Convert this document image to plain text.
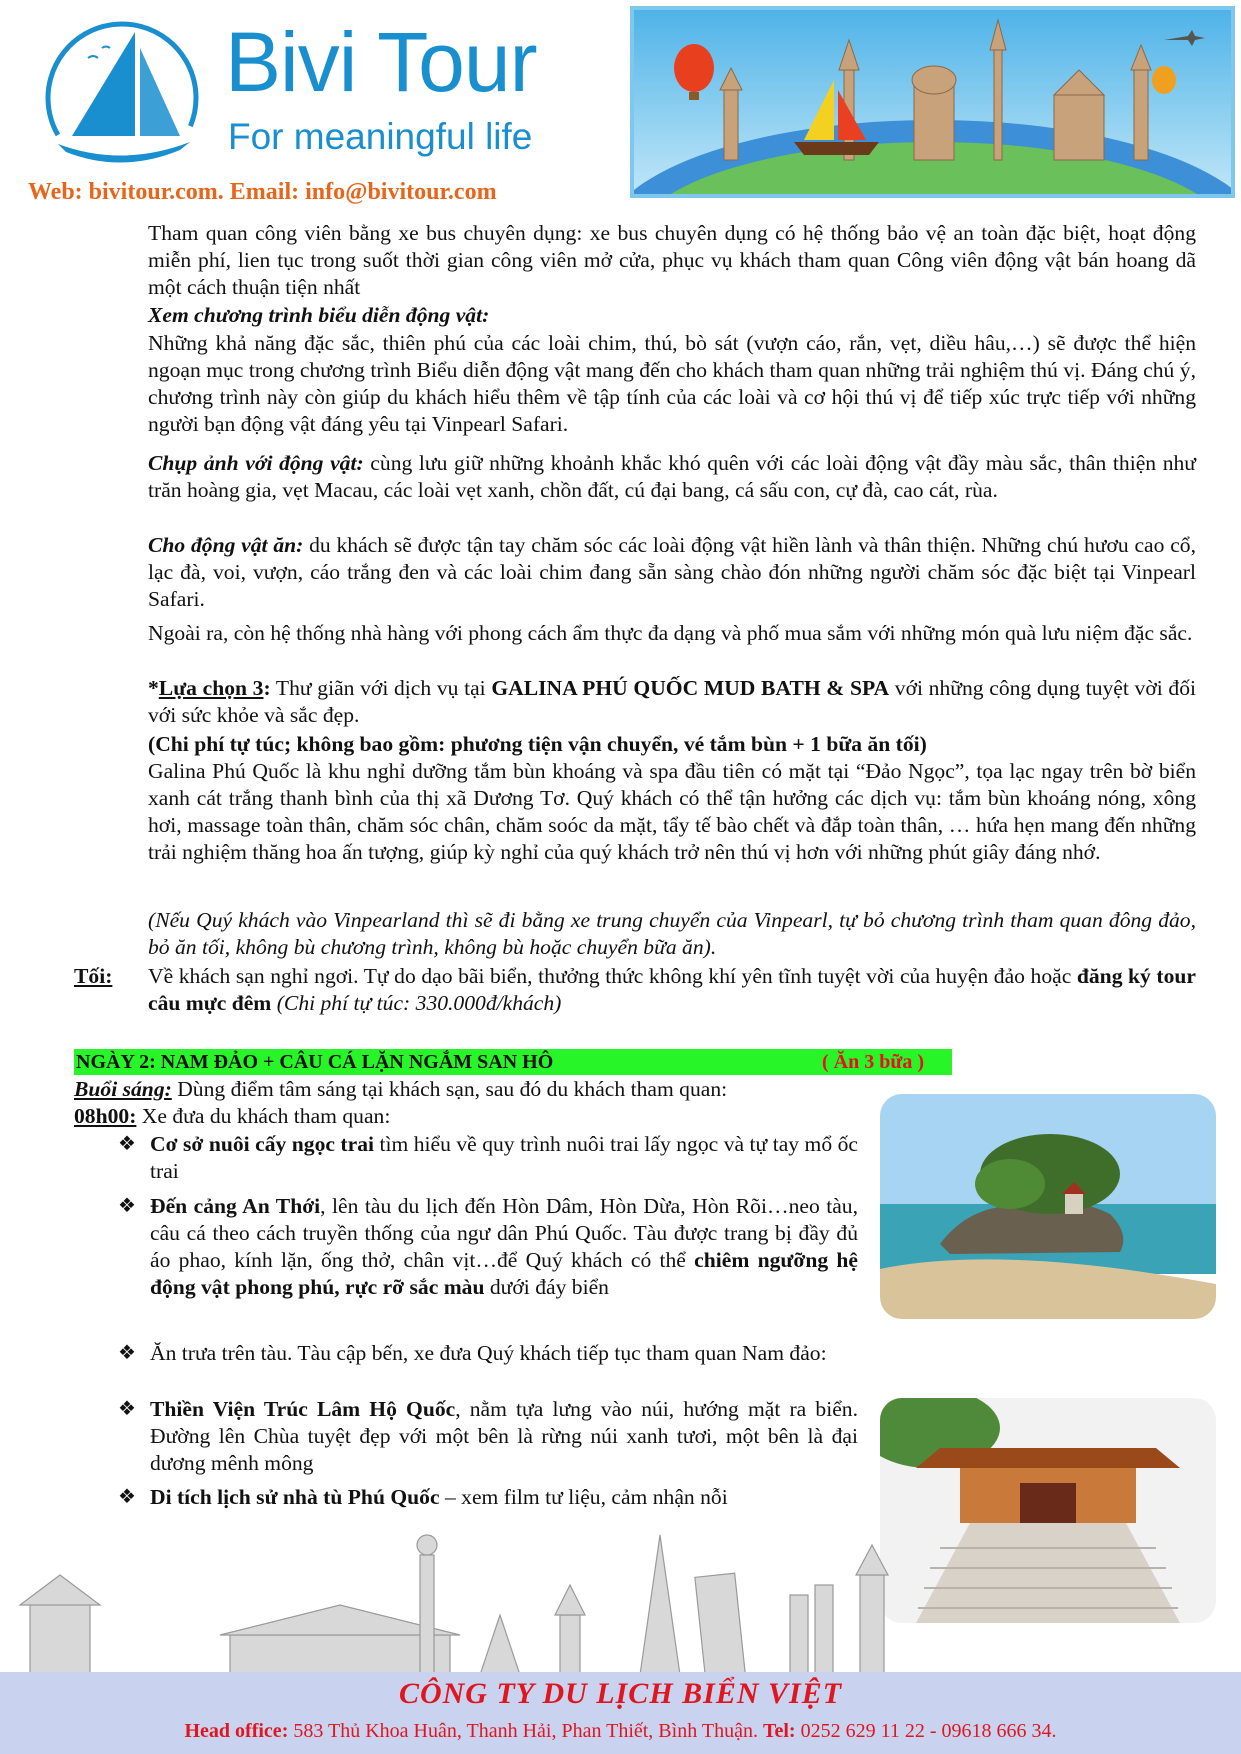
Bivi Tour
For meaningful life
Web: bivitour.com. Email: info@bivitour.com
Tham quan công viên bằng xe bus chuyên dụng: xe bus chuyên dụng có hệ thống bảo vệ an toàn đặc biệt, hoạt động miễn phí, lien tục trong suốt thời gian công viên mở cửa, phục vụ khách tham quan Công viên động vật bán hoang dã một cách thuận tiện nhất
Xem chương trình biểu diễn động vật:
Những khả năng đặc sắc, thiên phú của các loài chim, thú, bò sát (vượn cáo, rắn, vẹt, diều hâu,…) sẽ được thể hiện ngoạn mục trong chương trình Biểu diễn động vật mang đến cho khách tham quan những trải nghiệm thú vị. Đáng chú ý, chương trình này còn giúp du khách hiểu thêm về tập tính của các loài và cơ hội thú vị để tiếp xúc trực tiếp với những người bạn động vật đáng yêu tại Vinpearl Safari.
Chụp ảnh với động vật: cùng lưu giữ những khoảnh khắc khó quên với các loài động vật đầy màu sắc, thân thiện như trăn hoàng gia, vẹt Macau, các loài vẹt xanh, chồn đất, cú đại bang, cá sấu con, cự đà, cao cát, rùa.
Cho động vật ăn: du khách sẽ được tận tay chăm sóc các loài động vật hiền lành và thân thiện. Những chú hươu cao cổ, lạc đà, voi, vượn, cáo trắng đen và các loài chim đang sẵn sàng chào đón những người chăm sóc đặc biệt tại Vinpearl Safari.
Ngoài ra, còn hệ thống nhà hàng với phong cách ẩm thực đa dạng và phố mua sắm với những món quà lưu niệm đặc sắc.
*Lựa chọn 3: Thư giãn với dịch vụ tại GALINA PHÚ QUỐC MUD BATH & SPA với những công dụng tuyệt vời đối với sức khỏe và sắc đẹp.
(Chi phí tự túc; không bao gồm: phương tiện vận chuyển, vé tắm bùn + 1 bữa ăn tối)
Galina Phú Quốc là khu nghỉ dưỡng tắm bùn khoáng và spa đầu tiên có mặt tại “Đảo Ngọc”, tọa lạc ngay trên bờ biển xanh cát trắng thanh bình của thị xã Dương Tơ. Quý khách có thể tận hưởng các dịch vụ: tắm bùn khoáng nóng, xông hơi, massage toàn thân, chăm sóc chân, chăm soóc da mặt, tẩy tế bào chết và đắp toàn thân, … hứa hẹn mang đến những trải nghiệm thăng hoa ấn tượng, giúp kỳ nghỉ của quý khách trở nên thú vị hơn với những phút giây đáng nhớ.
(Nếu Quý khách vào Vinpearland thì sẽ đi bằng xe trung chuyển của Vinpearl, tự bỏ chương trình tham quan đông đảo, bỏ ăn tối, không bù chương trình, không bù hoặc chuyển bữa ăn).
Tối: Về khách sạn nghỉ ngơi. Tự do dạo bãi biển, thưởng thức không khí yên tĩnh tuyệt vời của huyện đảo hoặc đăng ký tour câu mực đêm (Chi phí tự túc: 330.000đ/khách)
NGÀY 2: NAM ĐẢO + CÂU CÁ LẶN NGẮM SAN HÔ	( Ăn 3 bữa )
Buổi sáng: Dùng điểm tâm sáng tại khách sạn, sau đó du khách tham quan:
08h00: Xe đưa du khách tham quan:
❖ Cơ sở nuôi cấy ngọc trai tìm hiểu về quy trình nuôi trai lấy ngọc và tự tay mổ ốc trai
❖ Đến cảng An Thới, lên tàu du lịch đến Hòn Dâm, Hòn Dừa, Hòn Rõi…neo tàu, câu cá theo cách truyền thống của ngư dân Phú Quốc. Tàu được trang bị đầy đủ áo phao, kính lặn, ống thở, chân vịt…để Quý khách có thể chiêm ngưỡng hệ động vật phong phú, rực rỡ sắc màu dưới đáy biển
❖ Ăn trưa trên tàu. Tàu cập bến, xe đưa Quý khách tiếp tục tham quan Nam đảo:
❖ Thiền Viện Trúc Lâm Hộ Quốc, nằm tựa lưng vào núi, hướng mặt ra biển. Đường lên Chùa tuyệt đẹp với một bên là rừng núi xanh tươi, một bên là đại dương mênh mông
❖ Di tích lịch sử nhà tù Phú Quốc – xem film tư liệu, cảm nhận nỗi
CÔNG TY DU LỊCH BIỂN VIỆT
Head office: 583 Thủ Khoa Huân, Thanh Hải, Phan Thiết, Bình Thuận. Tel: 0252 629 11 22 - 09618 666 34.
